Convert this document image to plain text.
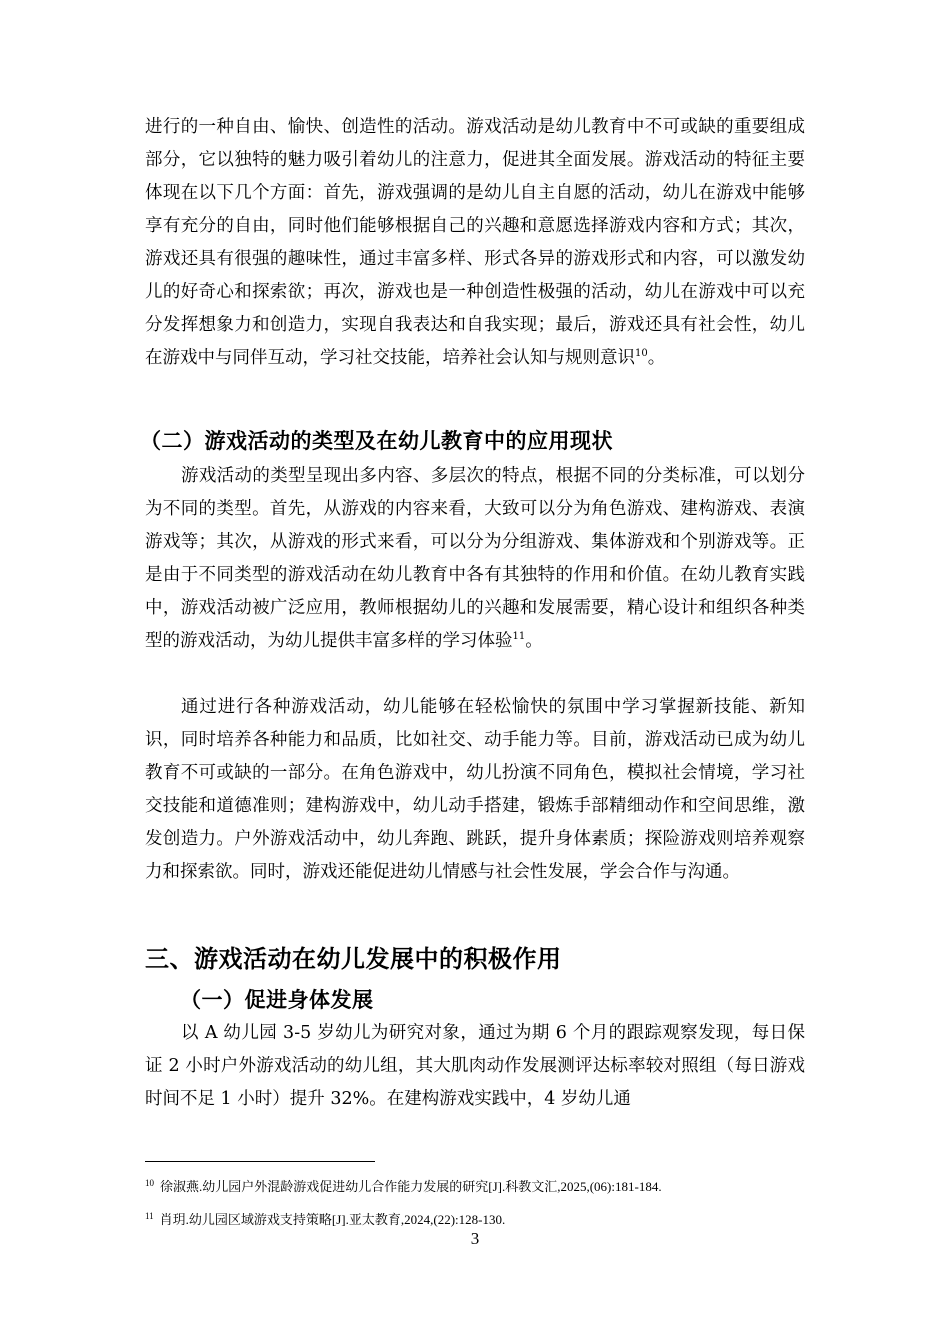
进行的一种自由、愉快、创造性的活动。游戏活动是幼儿教育中不可或缺的重要组成部分，它以独特的魅力吸引着幼儿的注意力，促进其全面发展。游戏活动的特征主要体现在以下几个方面：首先，游戏强调的是幼儿自主自愿的活动，幼儿在游戏中能够享有充分的自由，同时他们能够根据自己的兴趣和意愿选择游戏内容和方式；其次，游戏还具有很强的趣味性，通过丰富多样、形式各异的游戏形式和内容，可以激发幼儿的好奇心和探索欲；再次，游戏也是一种创造性极强的活动，幼儿在游戏中可以充分发挥想象力和创造力，实现自我表达和自我实现；最后，游戏还具有社会性，幼儿在游戏中与同伴互动，学习社交技能，培养社会认知与规则意识$^{10}$。

（二）游戏活动的类型及在幼儿教育中的应用现状

游戏活动的类型呈现出多内容、多层次的特点，根据不同的分类标准，可以划分为不同的类型。首先，从游戏的内容来看，大致可以分为角色游戏、建构游戏、表演游戏等；其次，从游戏的形式来看，可以分为分组游戏、集体游戏和个别游戏等。正是由于不同类型的游戏活动在幼儿教育中各有其独特的作用和价值。在幼儿教育实践中，游戏活动被广泛应用，教师根据幼儿的兴趣和发展需要，精心设计和组织各种类型的游戏活动，为幼儿提供丰富多样的学习体验$^{11}$。

通过进行各种游戏活动，幼儿能够在轻松愉快的氛围中学习掌握新技能、新知识，同时培养各种能力和品质，比如社交、动手能力等。目前，游戏活动已成为幼儿教育不可或缺的一部分。在角色游戏中，幼儿扮演不同角色，模拟社会情境，学习社交技能和道德准则；建构游戏中，幼儿动手搭建，锻炼手部精细动作和空间思维，激发创造力。户外游戏活动中，幼儿奔跑、跳跃，提升身体素质；探险游戏则培养观察力和探索欲。同时，游戏还能促进幼儿情感与社会性发展，学会合作与沟通。

三、游戏活动在幼儿发展中的积极作用
（一）促进身体发展

以 A 幼儿园 3-5 岁幼儿为研究对象，通过为期 6 个月的跟踪观察发现，每日保证 2 小时户外游戏活动的幼儿组，其大肌肉动作发展测评达标率较对照组（每日游戏时间不足 1 小时）提升 32%。在建构游戏实践中，4 岁幼儿通

$^{10}$ 徐淑燕.幼儿园户外混龄游戏促进幼儿合作能力发展的研究[J].科教文汇,2025,(06):181-184.
$^{11}$ 肖玥.幼儿园区域游戏支持策略[J].亚太教育,2024,(22):128-130.
3
